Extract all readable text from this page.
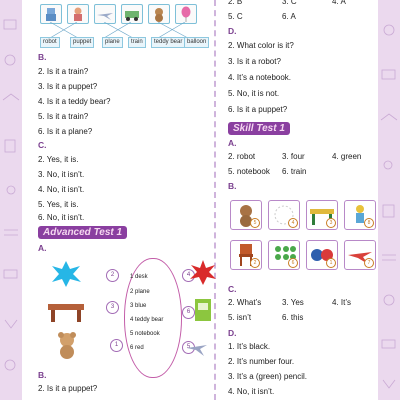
robot	puppet	plane	train	teddy bear balloon
B.
2. Is it a train?
3. Is it a puppet?
4. Is it a teddy bear?
5. Is it a train?
6. Is it a plane?
C.
2. Yes, it is.
3. No, it isn’t.
4. No, it isn’t.
5. Yes, it is.
6. No, it isn’t.
Advanced Test 1
A.
2
3
1
1 desk
2 plane
3 blue
4 teddy bear
5 notebook
6 red
4
6
5
B.
2. Is it a puppet?
2. B	3. C	4. A
5. C	6. A
D.
2. What color is it?
3. Is it a robot?
4. It’s a notebook.
5. No, it is not.
6. Is it a puppet?
Skill Test 1
A.
2. robot	3. four	4. green
5. notebook 6. train
B.
5	4	3	8
2	6	1	7
C.
2. What’s	3. Yes	4. It’s
5. isn’t	6. this
D.
1. It’s black.
2. It’s number four.
3. It’s a (green) pencil.
4. No, it isn’t.
